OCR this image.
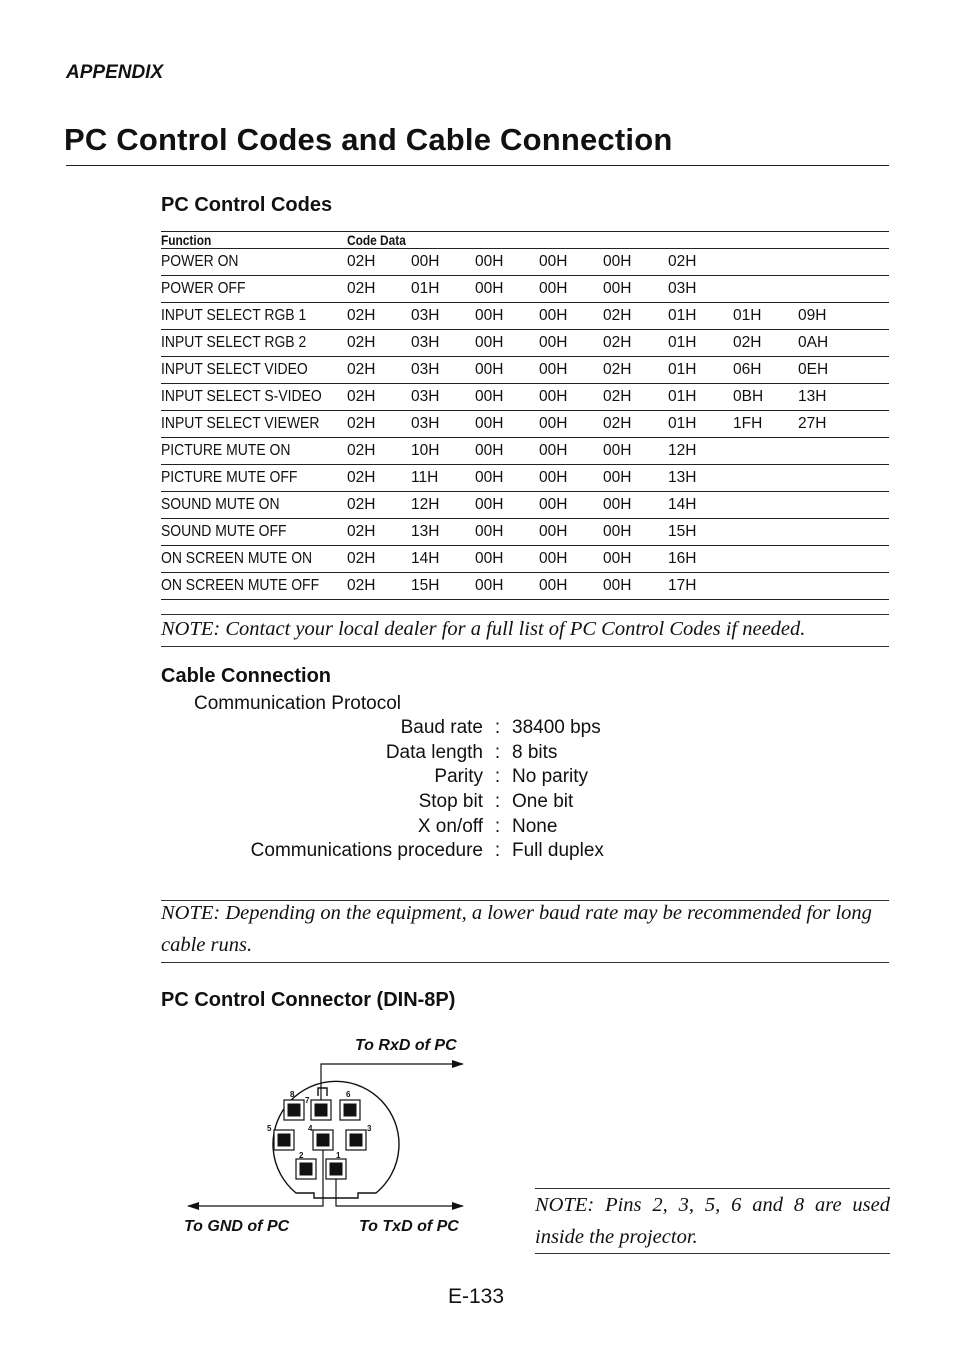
APPENDIX
PC Control Codes and Cable Connection
PC Control Codes
Function	Code Data							
POWER ON	02H	00H	00H	00H	00H	02H		
POWER OFF	02H	01H	00H	00H	00H	03H		
INPUT SELECT RGB 1	02H	03H	00H	00H	02H	01H	01H	09H
INPUT SELECT RGB 2	02H	03H	00H	00H	02H	01H	02H	0AH
INPUT SELECT VIDEO	02H	03H	00H	00H	02H	01H	06H	0EH
INPUT SELECT S-VIDEO	02H	03H	00H	00H	02H	01H	0BH	13H
INPUT SELECT VIEWER	02H	03H	00H	00H	02H	01H	1FH	27H
PICTURE MUTE ON	02H	10H	00H	00H	00H	12H		
PICTURE MUTE OFF	02H	11H	00H	00H	00H	13H		
SOUND MUTE ON	02H	12H	00H	00H	00H	14H		
SOUND MUTE OFF	02H	13H	00H	00H	00H	15H		
ON SCREEN MUTE ON	02H	14H	00H	00H	00H	16H		
ON SCREEN MUTE OFF	02H	15H	00H	00H	00H	17H		
NOTE: Contact your local dealer for a full list of PC Control Codes if needed.
Cable Connection
Communication Protocol
Baud rate	:	38400 bps
Data length	:	8 bits
Parity	:	No parity
Stop bit	:	One bit
X on/off	:	None
Communications procedure	:	Full duplex
NOTE: Depending on the equipment, a lower baud rate may be recommended for long cable runs.
PC Control Connector (DIN-8P)
8
7
6
5	4	3
2	1
To RxD of PC
To GND of PC	To TxD of PC
NOTE: Pins 2, 3, 5, 6 and 8 are used inside the projector.
E-133
